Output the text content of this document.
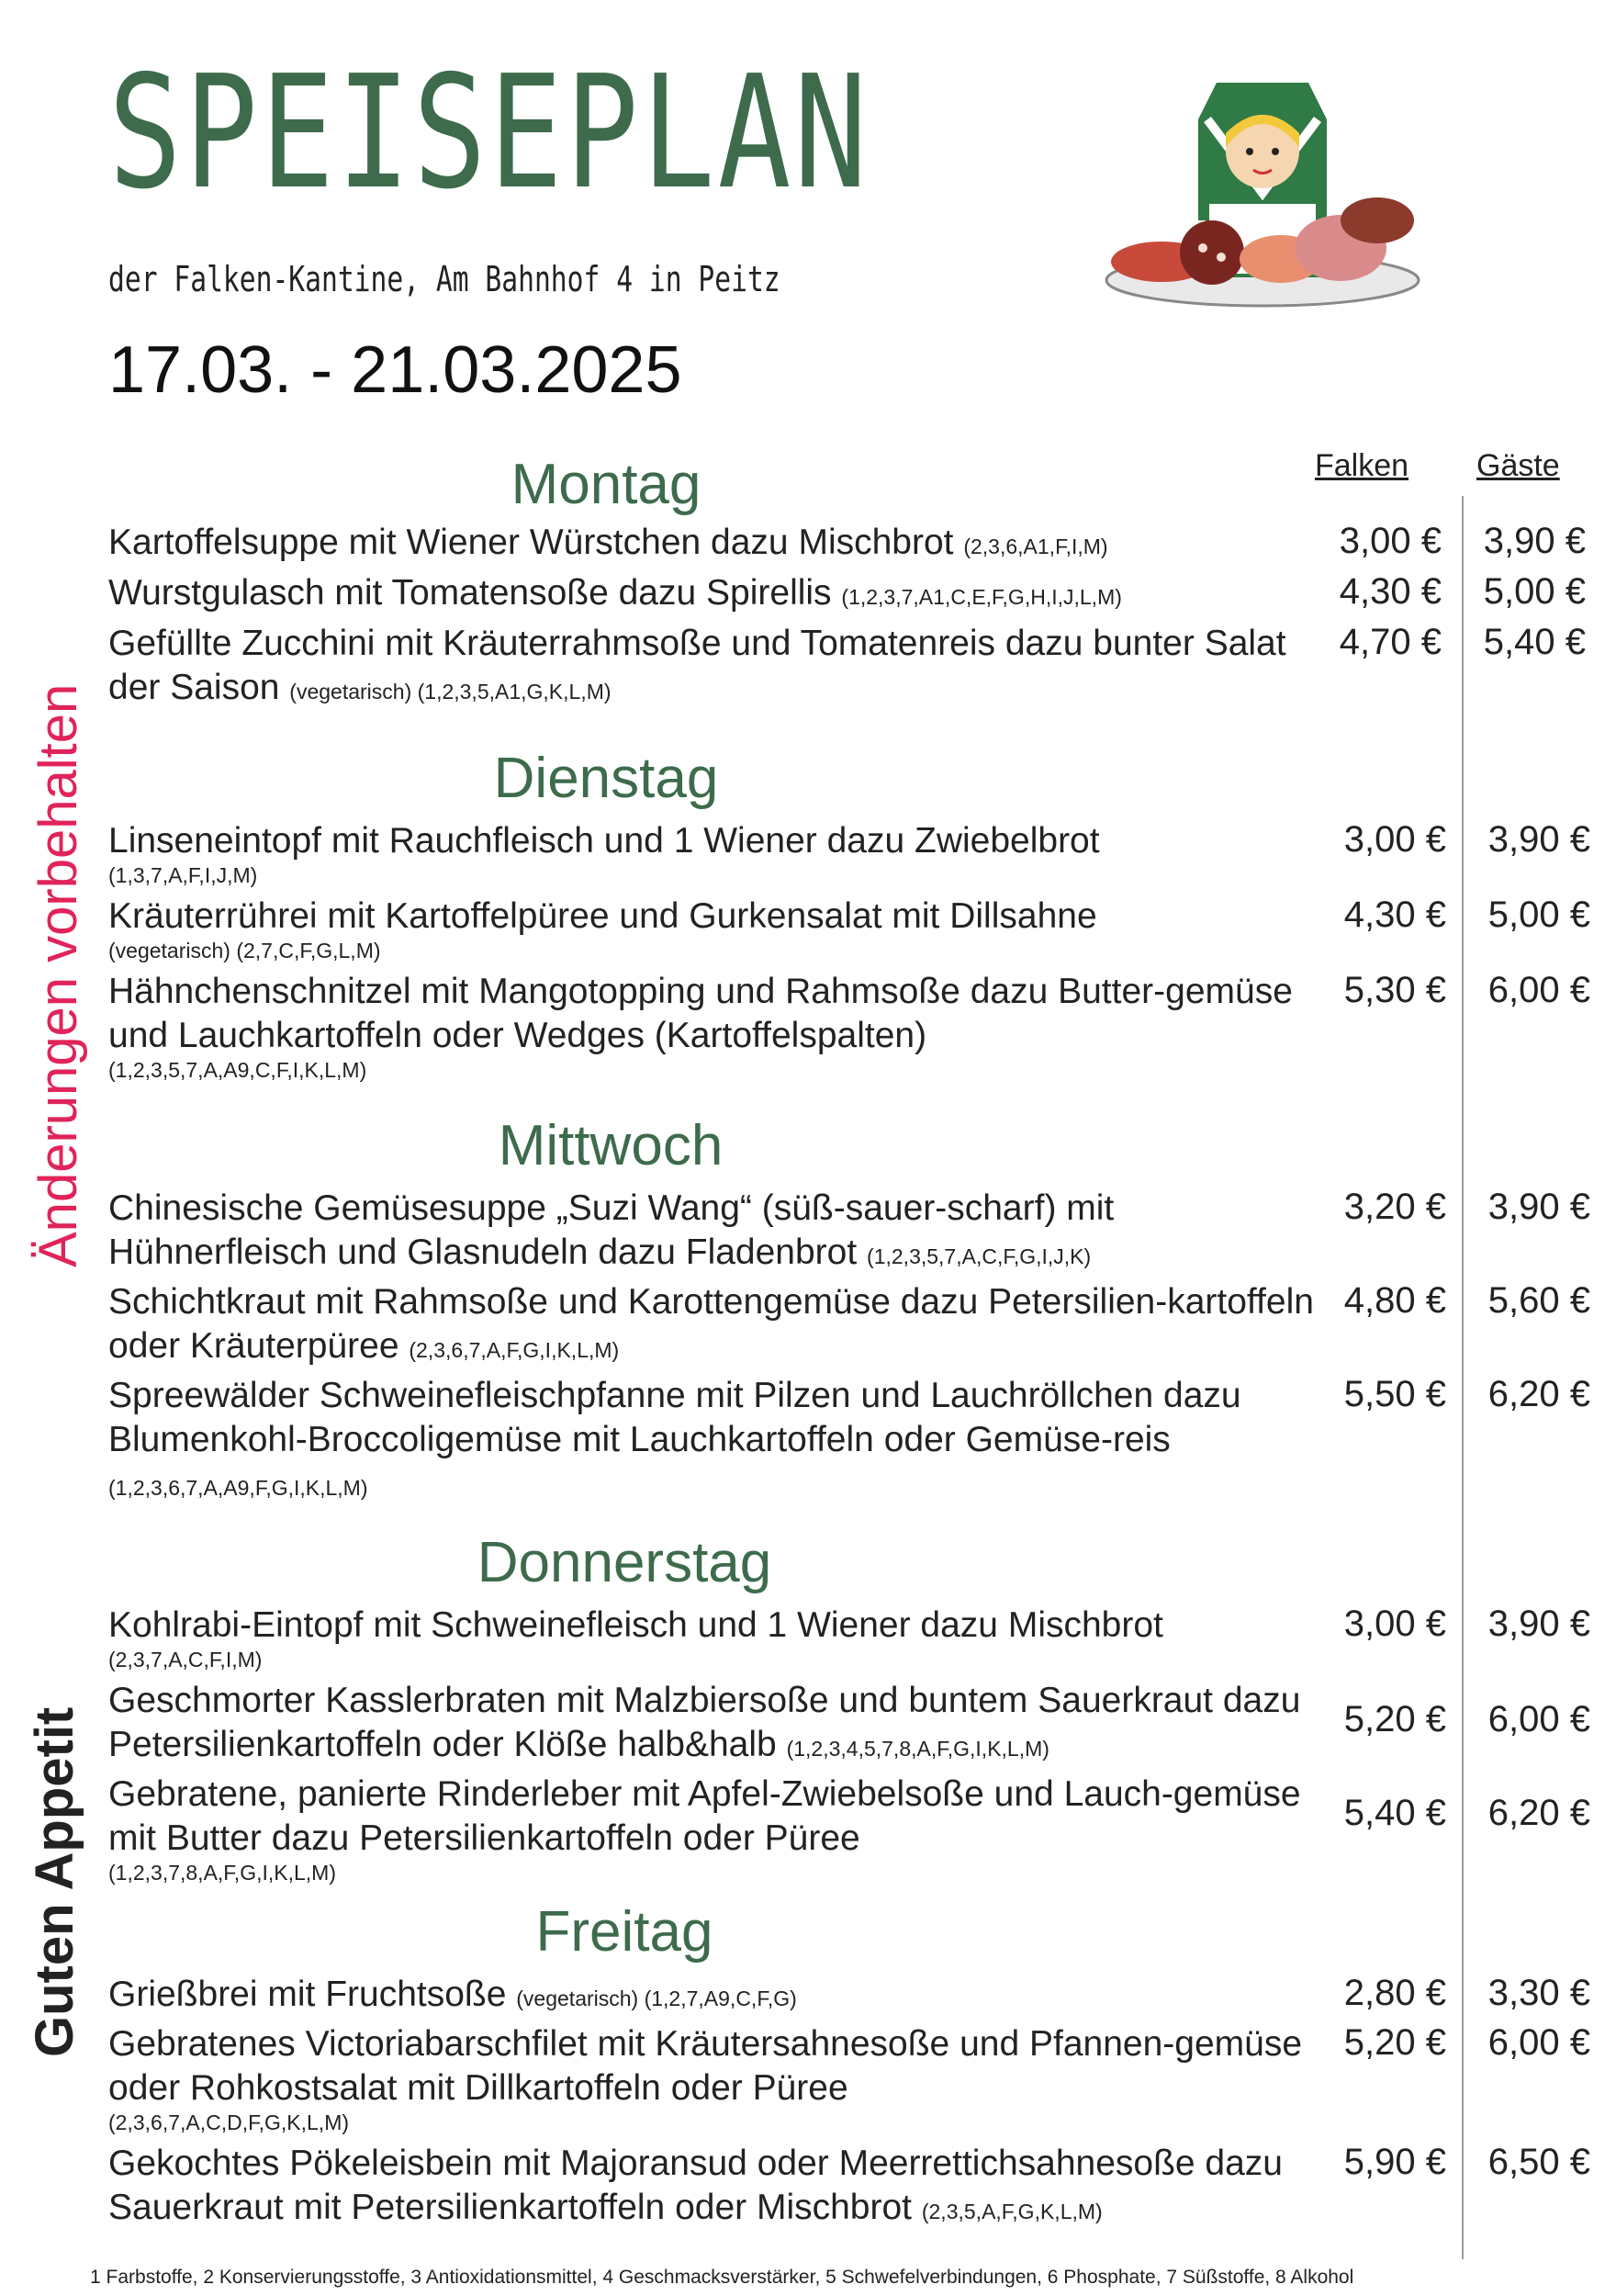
SPEISEPLAN
der Falken-Kantine, Am Bahnhof 4 in Peitz
17.03. - 21.03.2025
Falken Gäste
Änderungen vorbehalten
Guten Appetit
Montag
Kartoffelsuppe mit Wiener Würstchen dazu Mischbrot (2,3,6,A1,F,I,M)	3,00 €	3,90 €
Wurstgulasch mit Tomatensoße dazu Spirellis (1,2,3,7,A1,C,E,F,G,H,I,J,L,M)	4,30 €	5,00 €
Gefüllte Zucchini mit Kräuterrahmsoße und Tomatenreis dazu bunter Salat der Saison (vegetarisch) (1,2,3,5,A1,G,K,L,M)
4,70 €	5,40 €
Dienstag
Linseneintopf mit Rauchfleisch und 1 Wiener dazu Zwiebelbrot
(1,3,7,A,F,I,J,M)
3,00 €	3,90 €
Kräuterrührei mit Kartoffelpüree und Gurkensalat mit Dillsahne
(vegetarisch) (2,7,C,F,G,L,M)
4,30 €	5,00 €
Hähnchenschnitzel mit Mangotopping und Rahmsoße dazu Butter-gemüse und Lauchkartoffeln oder Wedges (Kartoffelspalten)
(1,2,3,5,7,A,A9,C,F,I,K,L,M)
5,30 €	6,00 €
Mittwoch
Chinesische Gemüsesuppe „Suzi Wang“ (süß-sauer-scharf) mit Hühnerfleisch und Glasnudeln dazu Fladenbrot (1,2,3,5,7,A,C,F,G,I,J,K)
3,20 €	3,90 €
Schichtkraut mit Rahmsoße und Karottengemüse dazu Petersilien-kartoffeln oder Kräuterpüree (2,3,6,7,A,F,G,I,K,L,M)
4,80 €	5,60 €
Spreewälder Schweinefleischpfanne mit Pilzen und Lauchröllchen dazu Blumenkohl-Broccoligemüse mit Lauchkartoffeln oder Gemüse-reis (1,2,3,6,7,A,A9,F,G,I,K,L,M)
5,50 €	6,20 €
Donnerstag
Kohlrabi-Eintopf mit Schweinefleisch und 1 Wiener dazu Mischbrot
(2,3,7,A,C,F,I,M)
3,00 €	3,90 €
Geschmorter Kasslerbraten mit Malzbiersoße und buntem Sauerkraut dazu Petersilienkartoffeln oder Klöße halb&halb (1,2,3,4,5,7,8,A,F,G,I,K,L,M)
5,20 €	6,00 €
Gebratene, panierte Rinderleber mit Apfel-Zwiebelsoße und Lauch-gemüse mit Butter dazu Petersilienkartoffeln oder Püree
(1,2,3,7,8,A,F,G,I,K,L,M)
5,40 €	6,20 €
Freitag
Grießbrei mit Fruchtsoße (vegetarisch) (1,2,7,A9,C,F,G)	2,80 €	3,30 €
Gebratenes Victoriabarschfilet mit Kräutersahnesoße und Pfannen-gemüse oder Rohkostsalat mit Dillkartoffeln oder Püree
(2,3,6,7,A,C,D,F,G,K,L,M)
5,20 €	6,00 €
Gekochtes Pökeleisbein mit Majoransud oder Meerrettichsahnesoße dazu Sauerkraut mit Petersilienkartoffeln oder Mischbrot (2,3,5,A,F,G,K,L,M)
5,90 €	6,50 €
1 Farbstoffe, 2 Konservierungsstoffe, 3 Antioxidationsmittel, 4 Geschmacksverstärker, 5 Schwefelverbindungen, 6 Phosphate, 7 Süßstoffe, 8 Alkohol
